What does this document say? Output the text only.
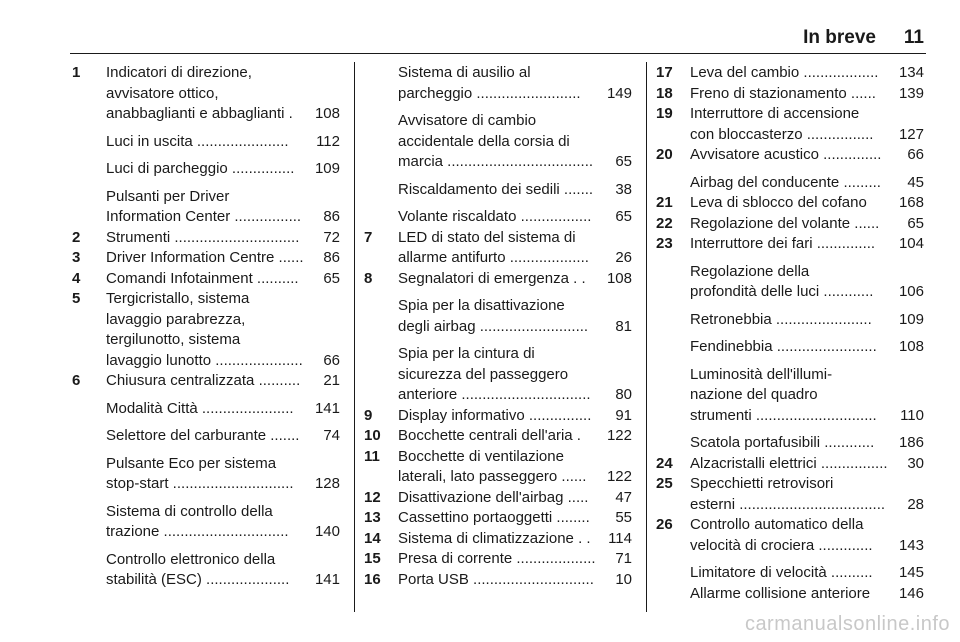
In breve 11
1 Indicatori di direzione,
avvisatore ottico,
anabbaglianti e abbaglianti .	108
Luci in uscita ......................	112
Luci di parcheggio ...............	109
Pulsanti per Driver
Information Center ................ 86
2 Strumenti ..............................	72
3 Driver Information Centre ...... 86
4 Comandi Infotainment ..........	65
5 Tergicristallo, sistema
lavaggio parabrezza,
tergilunotto, sistema
lavaggio lunotto ..................... 66
6 Chiusura centralizzata .......... 21
Modalità Città ......................	141
Selettore del carburante .......	74
Pulsante Eco per sistema
stop-start .............................	128
Sistema di controllo della
trazione ..............................	140
Controllo elettronico della
stabilità (ESC) ....................	141
Sistema di ausilio al
parcheggio .........................	149
Avvisatore di cambio
accidentale della corsia di
marcia ................................... 65
Riscaldamento dei sedili ....... 38
Volante riscaldato .................	65
7 LED di stato del sistema di
allarme antifurto ...................	26
8 Segnalatori di emergenza . .	108
Spia per la disattivazione
degli airbag ..........................	81
Spia per la cintura di
sicurezza del passeggero
anteriore ...............................	80
9 Display informativo ...............	91
10 Bocchette centrali dell'aria .	122
11 Bocchette di ventilazione
laterali, lato passeggero ......	122
12 Disattivazione dell'airbag .....	47
13 Cassettino portaoggetti ........	55
14 Sistema di climatizzazione . .	114
15 Presa di corrente ................... 71
16 Porta USB ............................. 10
17 Leva del cambio ..................	134
18 Freno di stazionamento ......	139
19 Interruttore di accensione
con bloccasterzo ................	127
20 Avvisatore acustico ..............	66
Airbag del conducente .........	45
21 Leva di sblocco del cofano	168
22 Regolazione del volante ......	65
23 Interruttore dei fari ..............	104
Regolazione della
profondità delle luci ............	106
Retronebbia .......................	109
Fendinebbia ........................	108
Luminosità dell'illumi-
nazione del quadro
strumenti .............................	110
Scatola portafusibili ............	186
24 Alzacristalli elettrici ................ 30
25 Specchietti retrovisori
esterni ................................... 28
26 Controllo automatico della
velocità di crociera .............	143
Limitatore di velocità ..........	145
Allarme collisione anteriore	146
carmanualsonline.info
